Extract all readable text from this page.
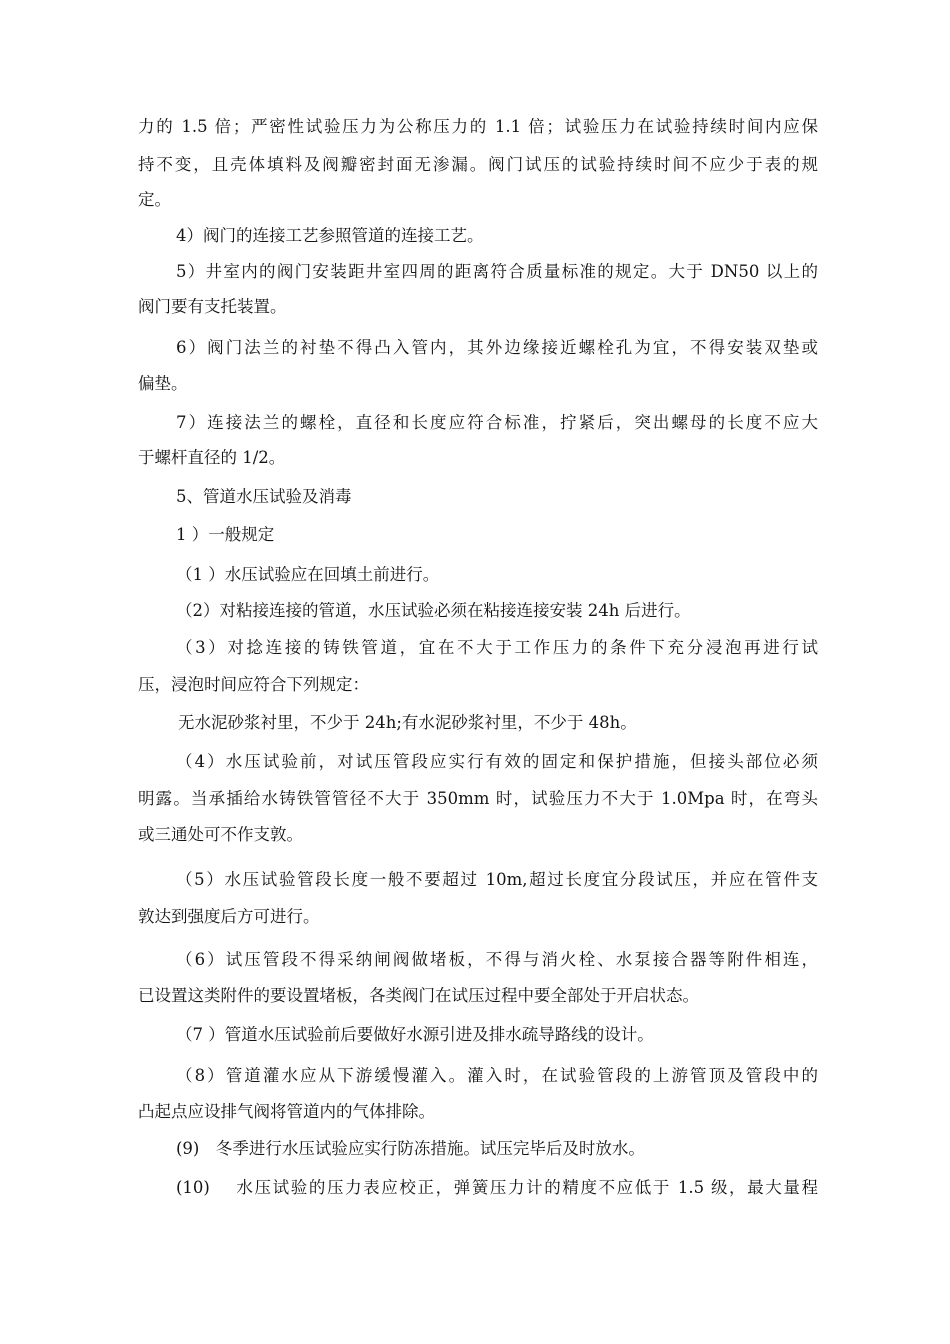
力的 1.5 倍；严密性试验压力为公称压力的 1.1 倍；试验压力在试验持续时间内应保
持不变，且壳体填料及阀瓣密封面无渗漏。阀门试压的试验持续时间不应少于表的规
定。
4）阀门的连接工艺参照管道的连接工艺。
5）井室内的阀门安装距井室四周的距离符合质量标准的规定。大于 DN50 以上的
阀门要有支托装置。
6）阀门法兰的衬垫不得凸入管内，其外边缘接近螺栓孔为宜，不得安装双垫或
偏垫。
7）连接法兰的螺栓，直径和长度应符合标准，拧紧后，突出螺母的长度不应大
于螺杆直径的 1/2。
5、管道水压试验及消毒
1 ）一般规定
（1 ）水压试验应在回填土前进行。
（2）对粘接连接的管道，水压试验必须在粘接连接安装 24h 后进行。
（3）对捻连接的铸铁管道，宜在不大于工作压力的条件下充分浸泡再进行试
压，浸泡时间应符合下列规定：
无水泥砂浆衬里，不少于 24h;有水泥砂浆衬里，不少于 48h。
（4）水压试验前，对试压管段应实行有效的固定和保护措施，但接头部位必须
明露。当承插给水铸铁管管径不大于 350mm 时，试验压力不大于 1.0Mpa 时，在弯头
或三通处可不作支敦。
（5）水压试验管段长度一般不要超过 10m,超过长度宜分段试压，并应在管件支
敦达到强度后方可进行。
（6）试压管段不得采纳闸阀做堵板，不得与消火栓、水泵接合器等附件相连，
已设置这类附件的要设置堵板，各类阀门在试压过程中要全部处于开启状态。
（7 ）管道水压试验前后要做好水源引进及排水疏导路线的设计。
（8）管道灌水应从下游缓慢灌入。灌入时，在试验管段的上游管顶及管段中的
凸起点应设排气阀将管道内的气体排除。
(9)　冬季进行水压试验应实行防冻措施。试压完毕后及时放水。
(10)　 水压试验的压力表应校正，弹簧压力计的精度不应低于 1.5 级，最大量程
